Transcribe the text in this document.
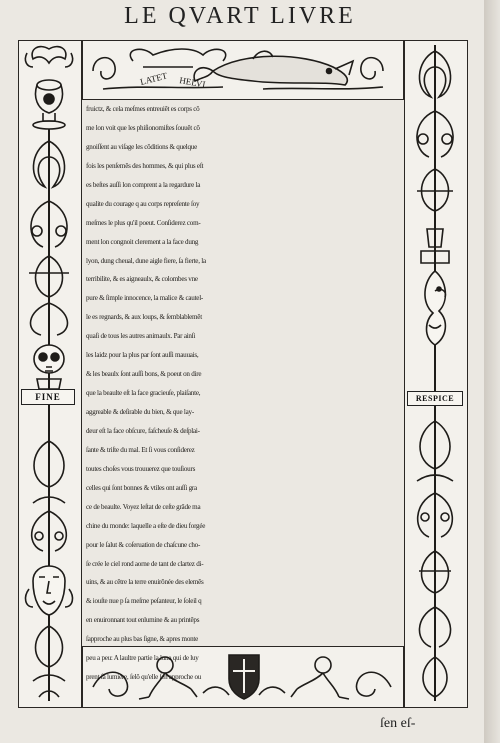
LE QVART LIVRE
FINE	RESPICE
LATET HELVI
fruictz, & cela meſmes entreuiẽt es corps cõ
me lon voit que les phiſionomiſtes ſouuẽt cõ
gnoiſſent au viſage les cõditions & quelque
fois les penſemẽs des hommes, & qui plus eſt
es beſtes auſſi lon comprent a la regardure la
qualite du courage q au corps repreſente ſoy
meſmes le plus qu'il poeut. Conſiderez com-
ment lon congnoit clerement a la face dung
lyon, dung cheual, dune aigle fiere, ſa fierte, la
terribilite, & es aigneaulx, & colombes vne
pure & ſimple innocence, la malice & cautel-
le es regnards, & aux loups, & ſemblablemẽt
quaſi de tous les autres animaulx. Par ainſi
les laidz pour la plus par ſont auſſi mauuais,
& les beaulx ſont auſſi bons, & poeut on dire
que la beaulte eſt la face gracieuſe, plaiſante,
aggreable & deſirable du bien, & que lay-
deur eſt la face obſcure, faſcheuſe & deſplai-
ſante & triſte du mal. Et ſi vous conſiderez
toutes choſes vous trouuerez que touſiours
celles qui ſont bonnes & vtiles ont auſſi gra
ce de beaulte. Voyez leſtat de ceſte grãde ma
chine du monde: laquelle a eſte de dieu forgée
pour le ſalut & coſeruation de chaſcune cho-
ſe crée le ciel rond aorne de tant de clartez di-
uins, & au cẽtre la terre enuirõnée des elemẽs
& iouſte nue p ſa meſme peſanteur, le ſoleil q
en enuironnant tout enlumine & au printẽps
ſapproche au plus bas ſigne, & apres monte
peu a peu: A laultre partie la lune qui de luy
prent ſa lumiere, ſelõ qu'elle ſen approche ou
ſen eſ-
